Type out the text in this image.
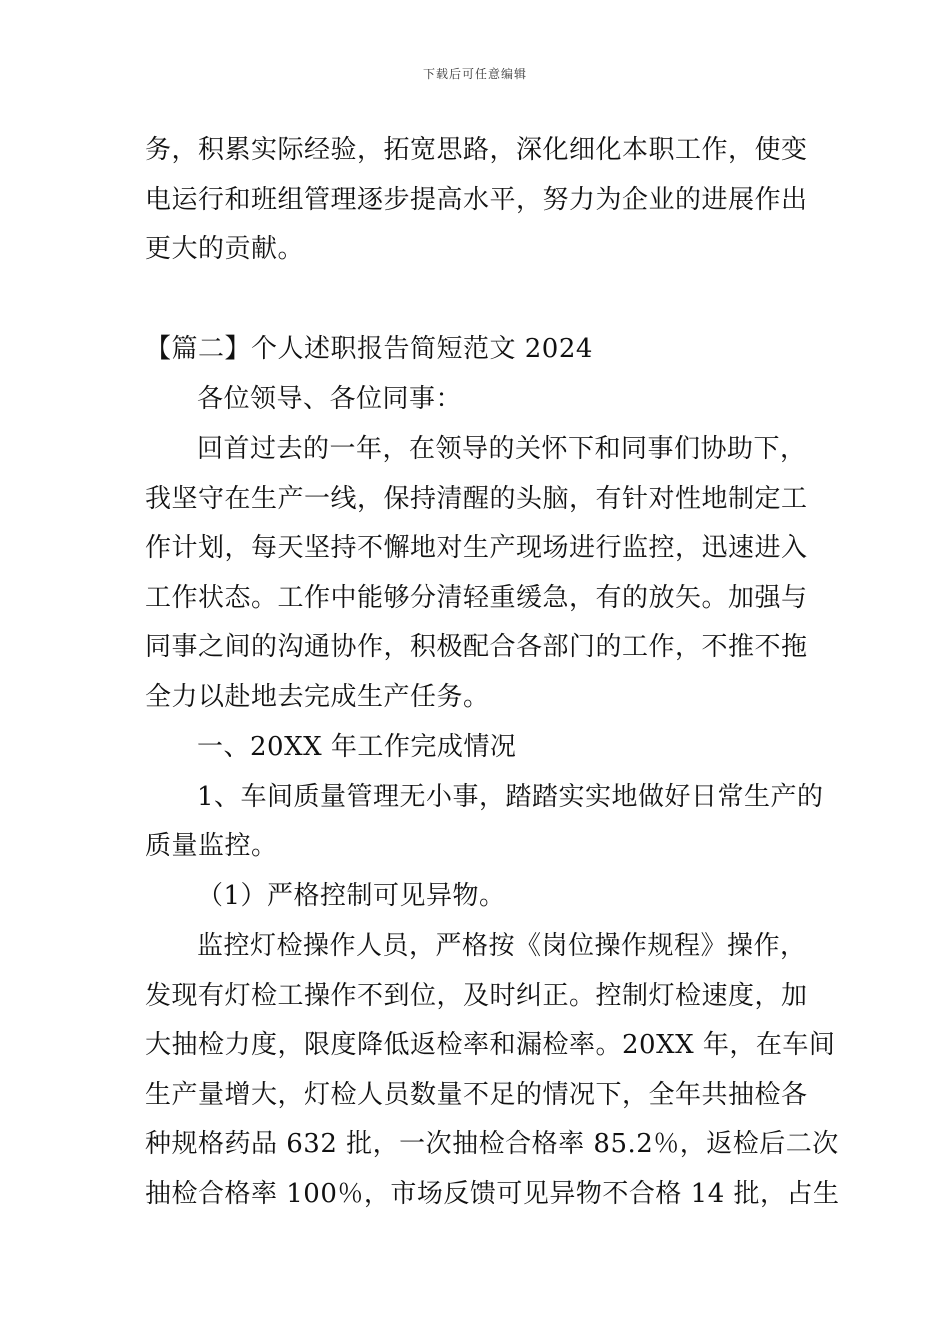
下载后可任意编辑
务，积累实际经验，拓宽思路，深化细化本职工作，使变
电运行和班组管理逐步提高水平，努力为企业的进展作出
更大的贡献。
【篇二】个人述职报告简短范文 2024
各位领导、各位同事：
回首过去的一年，在领导的关怀下和同事们协助下，
我坚守在生产一线，保持清醒的头脑，有针对性地制定工
作计划，每天坚持不懈地对生产现场进行监控，迅速进入
工作状态。工作中能够分清轻重缓急，有的放矢。加强与
同事之间的沟通协作，积极配合各部门的工作，不推不拖
全力以赴地去完成生产任务。
一、20XX 年工作完成情况
1、车间质量管理无小事，踏踏实实地做好日常生产的
质量监控。
（1）严格控制可见异物。
监控灯检操作人员，严格按《岗位操作规程》操作，
发现有灯检工操作不到位，及时纠正。控制灯检速度，加
大抽检力度，限度降低返检率和漏检率。20XX 年，在车间
生产量增大，灯检人员数量不足的情况下，全年共抽检各
种规格药品 632 批，一次抽检合格率 85.2％，返检后二次
抽检合格率 100％，市场反馈可见异物不合格 14 批，占生
